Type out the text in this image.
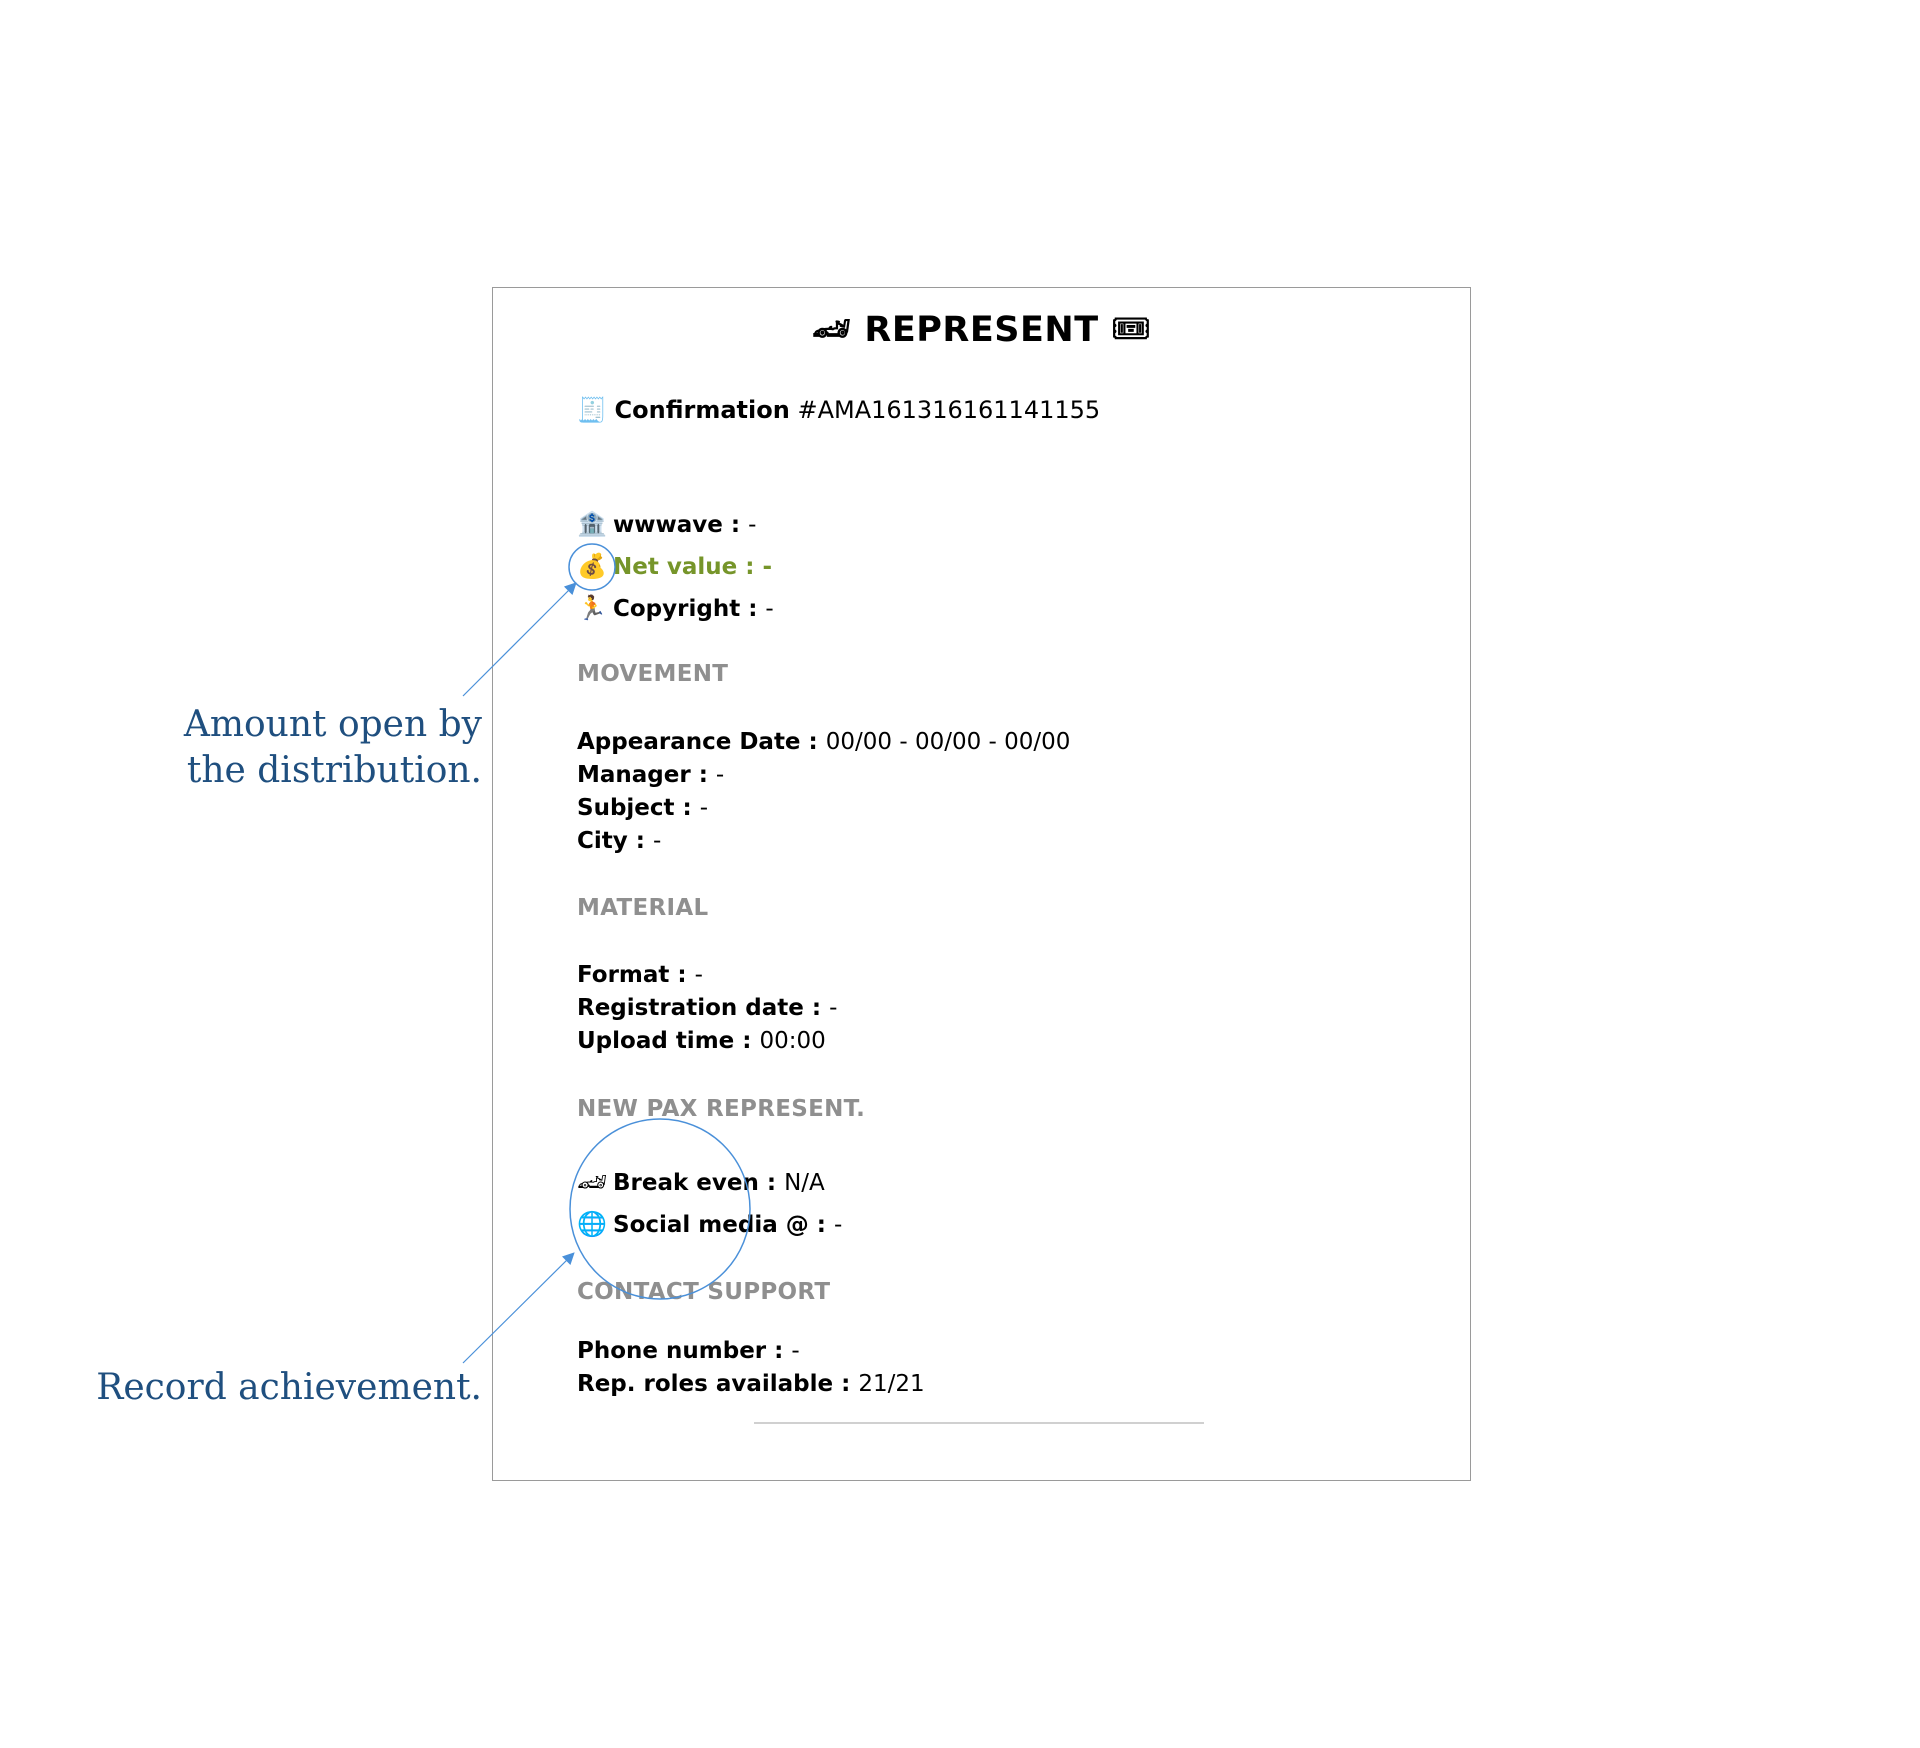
🏎 REPRESENT 🎟
🧾 Confirmation #AMA161316161141155
🏦 wwwave : -
💰 Net value : -
🏃 Copyright : -
MOVEMENT
Appearance Date : 00/00 - 00/00 - 00/00
Manager : -
Subject : -
City : -
MATERIAL
Format : -
Registration date : -
Upload time : 00:00
NEW PAX REPRESENT.
🏎 Break even : N/A
🌐 Social media @ : -
CONTACT SUPPORT
Phone number : -
Rep. roles available : 21/21
Amount open by the distribution.
Record achievement.
